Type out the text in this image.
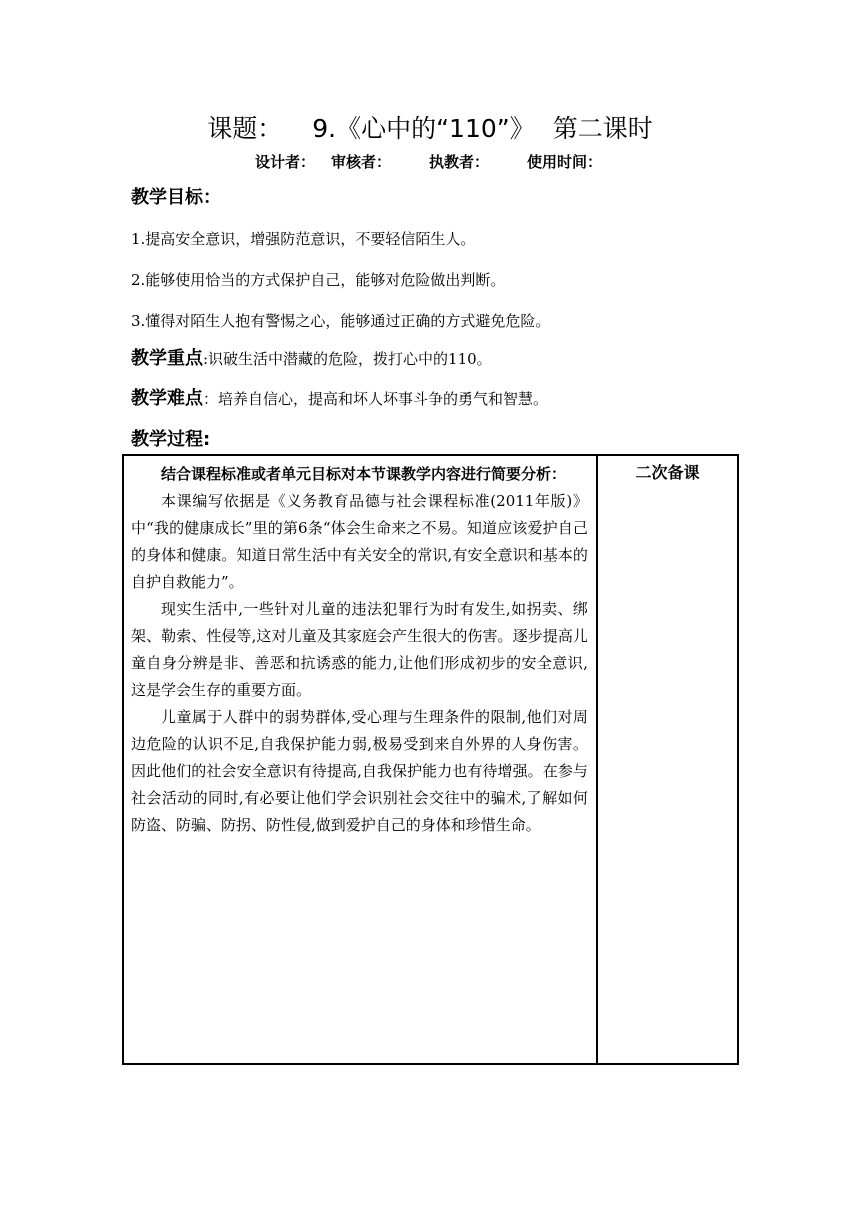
课题： 9.《心中的“110”》 第二课时
设计者： 审核者：	执教者：	使用时间：
教学目标：
1.提高安全意识，增强防范意识，不要轻信陌生人。
2.能够使用恰当的方式保护自己，能够对危险做出判断。
3.懂得对陌生人抱有警惕之心，能够通过正确的方式避免危险。
教学重点:识破生活中潜藏的危险，拨打心中的110。
教学难点：培养自信心，提高和坏人坏事斗争的勇气和智慧。
教学过程:

结合课程标准或者单元目标对本节课教学内容进行简要分析：

本课编写依据是《义务教育品德与社会课程标准(2011年版)》中“我的健康成长”里的第6条“体会生命来之不易。知道应该爱护自己的身体和健康。知道日常生活中有关安全的常识,有安全意识和基本的自护自救能力”。

现实生活中,一些针对儿童的违法犯罪行为时有发生,如拐卖、绑架、勒索、性侵等,这对儿童及其家庭会产生很大的伤害。逐步提高儿童自身分辨是非、善恶和抗诱惑的能力,让他们形成初步的安全意识,这是学会生存的重要方面。

儿童属于人群中的弱势群体,受心理与生理条件的限制,他们对周边危险的认识不足,自我保护能力弱,极易受到来自外界的人身伤害。因此他们的社会安全意识有待提高,自我保护能力也有待增强。在参与社会活动的同时,有必要让他们学会识别社会交往中的骗术,了解如何防盗、防骗、防拐、防性侵,做到爱护自己的身体和珍惜生命。

二次备课
